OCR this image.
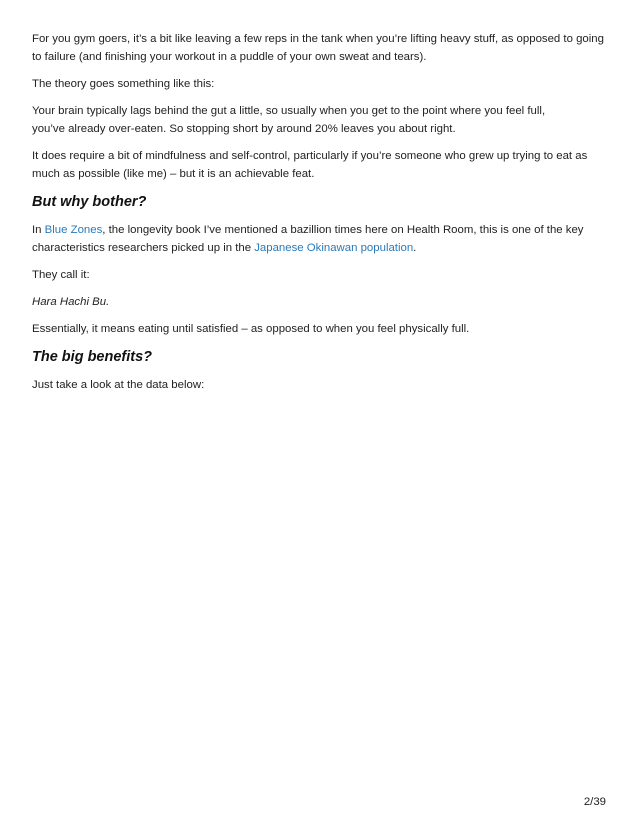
For you gym goers, it’s a bit like leaving a few reps in the tank when you’re lifting heavy stuff, as opposed to going to failure (and finishing your workout in a puddle of your own sweat and tears).

The theory goes something like this:

Your brain typically lags behind the gut a little, so usually when you get to the point where you feel full,
you’ve already over-eaten. So stopping short by around 20% leaves you about right.

It does require a bit of mindfulness and self-control, particularly if you’re someone who grew up trying to eat as much as possible (like me) – but it is an achievable feat.

But why bother?

In Blue Zones, the longevity book I’ve mentioned a bazillion times here on Health Room, this is one of the key characteristics researchers picked up in the Japanese Okinawan population.

They call it:

Hara Hachi Bu.

Essentially, it means eating until satisfied – as opposed to when you feel physically full.

The big benefits?

Just take a look at the data below:

2/39
